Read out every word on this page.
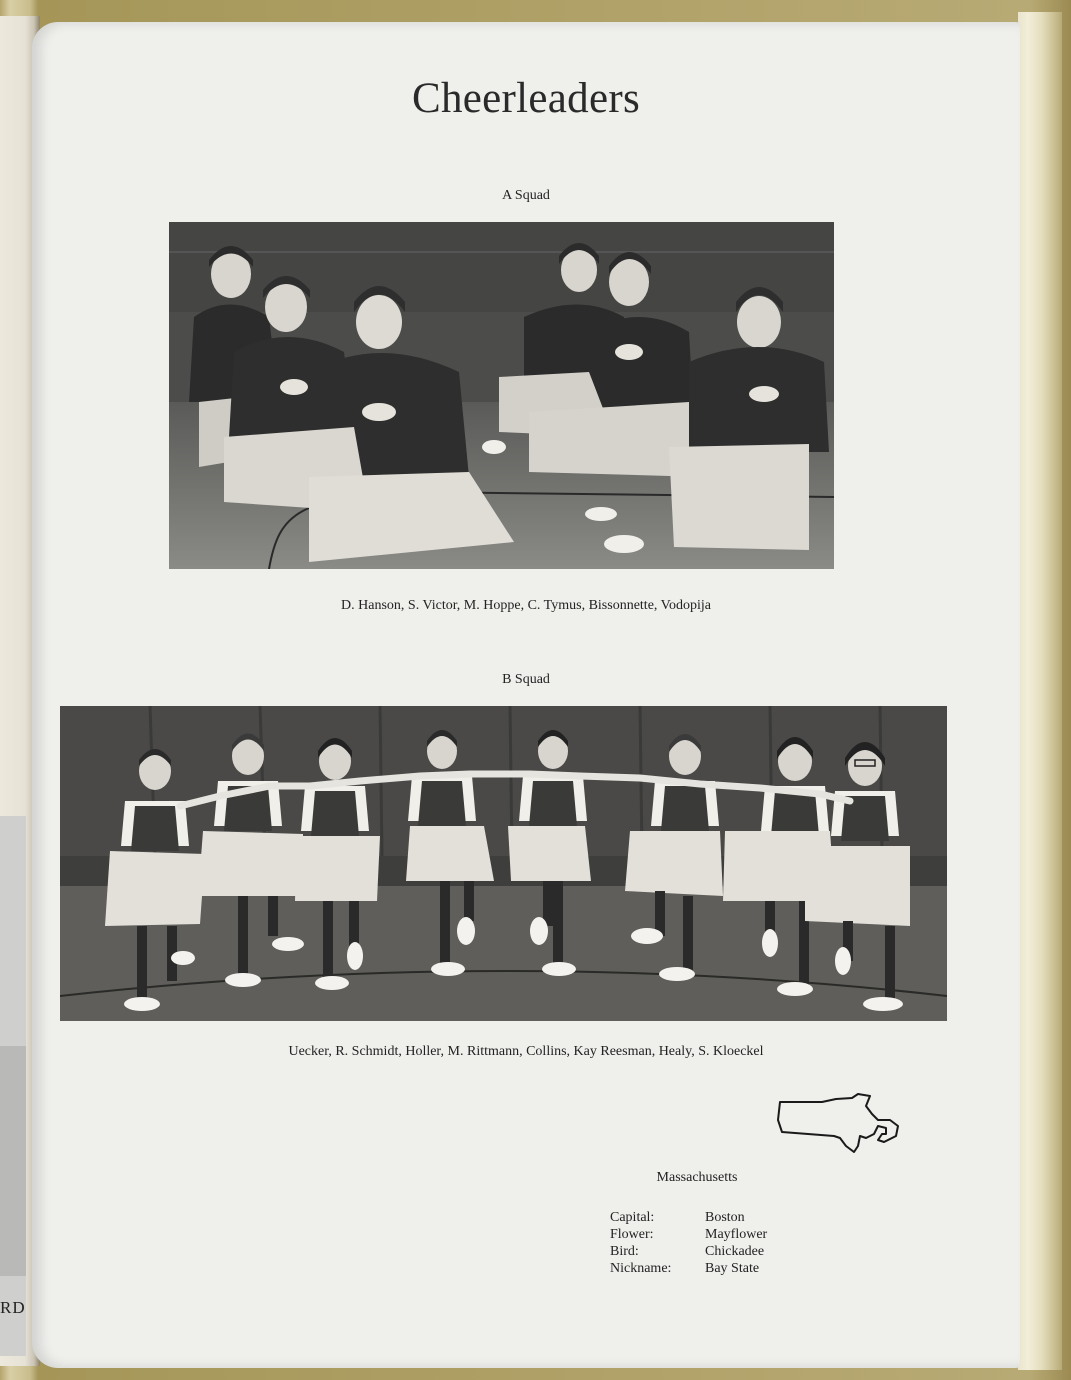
RD
Cheerleaders
A Squad
D. Hanson, S. Victor, M. Hoppe, C. Tymus, Bissonnette, Vodopija
B Squad
Uecker, R. Schmidt, Holler, M. Rittmann, Collins, Kay Reesman, Healy, S. Kloeckel
Massachusetts
Capital:	Boston
Flower:	Mayflower
Bird:	Chickadee
Nickname:	Bay State
